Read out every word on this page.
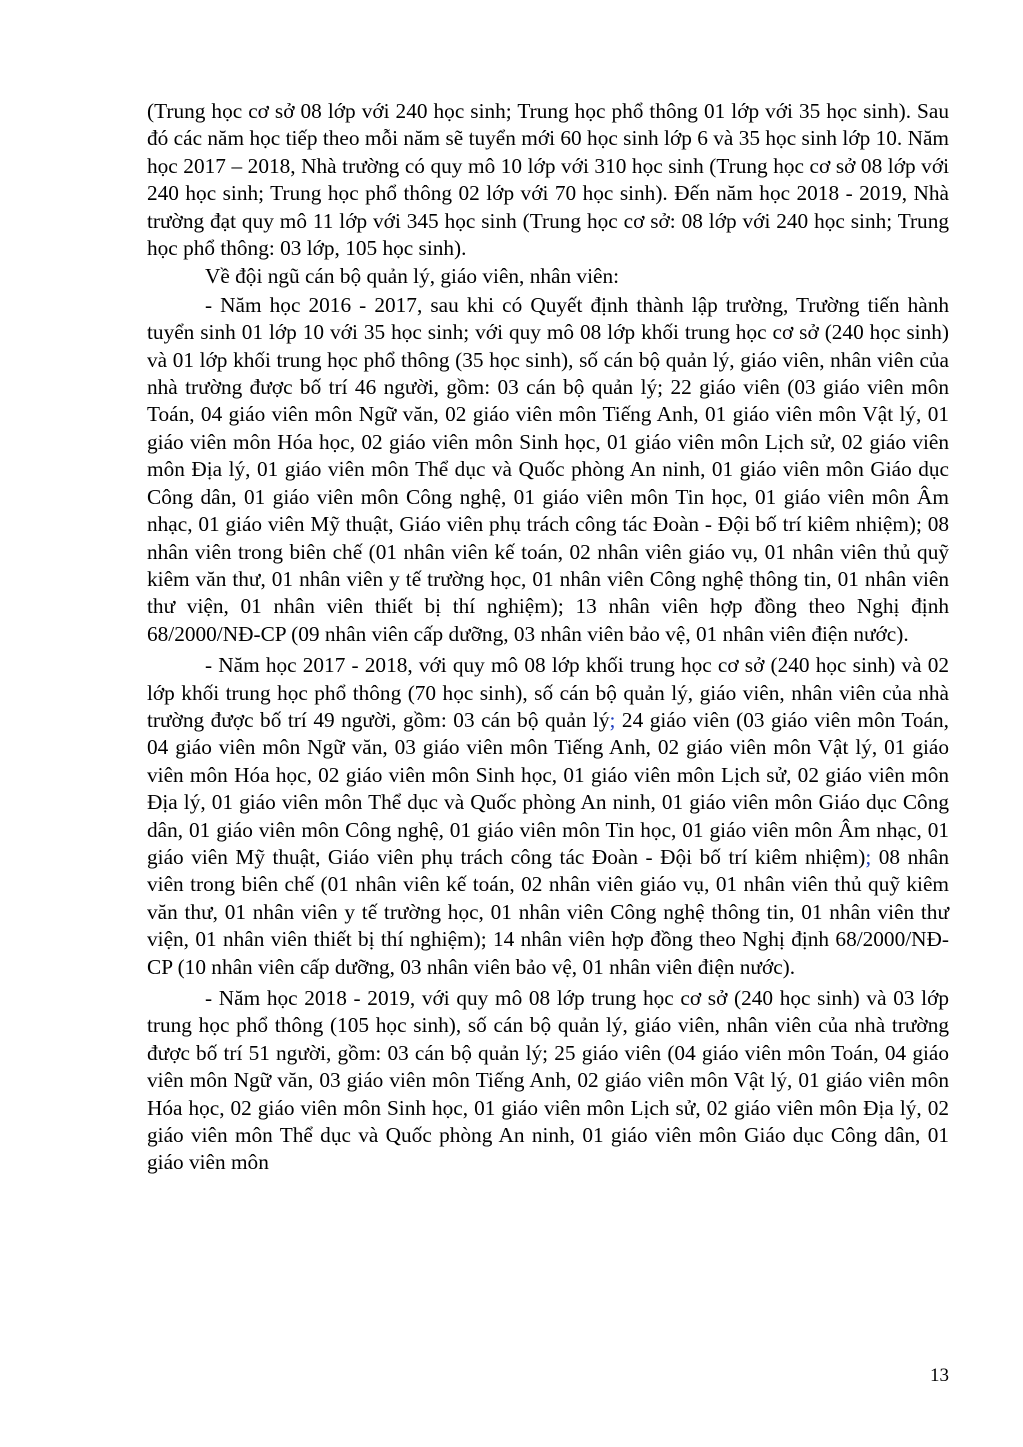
(Trung học cơ sở 08 lớp với 240 học sinh; Trung học phổ thông 01 lớp với 35 học sinh). Sau đó các năm học tiếp theo mỗi năm sẽ tuyển mới 60 học sinh lớp 6 và 35 học sinh lớp 10. Năm học 2017 – 2018, Nhà trường có quy mô 10 lớp với 310 học sinh (Trung học cơ sở 08 lớp với 240 học sinh; Trung học phổ thông 02 lớp với 70 học sinh). Đến năm học 2018 - 2019, Nhà trường đạt quy mô 11 lớp với 345 học sinh (Trung học cơ sở: 08 lớp với 240 học sinh; Trung học phổ thông: 03 lớp, 105 học sinh).

Về đội ngũ cán bộ quản lý, giáo viên, nhân viên:

- Năm học 2016 - 2017, sau khi có Quyết định thành lập trường, Trường tiến hành tuyển sinh 01 lớp 10 với 35 học sinh; với quy mô 08 lớp khối trung học cơ sở (240 học sinh) và 01 lớp khối trung học phổ thông (35 học sinh), số cán bộ quản lý, giáo viên, nhân viên của nhà trường được bố trí 46 người, gồm: 03 cán bộ quản lý; 22 giáo viên (03 giáo viên môn Toán, 04 giáo viên môn Ngữ văn, 02 giáo viên môn Tiếng Anh, 01 giáo viên môn Vật lý, 01 giáo viên môn Hóa học, 02 giáo viên môn Sinh học, 01 giáo viên môn Lịch sử, 02 giáo viên môn Địa lý, 01 giáo viên môn Thể dục và Quốc phòng An ninh, 01 giáo viên môn Giáo dục Công dân, 01 giáo viên môn Công nghệ, 01 giáo viên môn Tin học, 01 giáo viên môn Âm nhạc, 01 giáo viên Mỹ thuật, Giáo viên phụ trách công tác Đoàn - Đội bố trí kiêm nhiệm); 08 nhân viên trong biên chế (01 nhân viên kế toán, 02 nhân viên giáo vụ, 01 nhân viên thủ quỹ kiêm văn thư, 01 nhân viên y tế trường học, 01 nhân viên Công nghệ thông tin, 01 nhân viên thư viện, 01 nhân viên thiết bị thí nghiệm); 13 nhân viên hợp đồng theo Nghị định 68/2000/NĐ-CP (09 nhân viên cấp dưỡng, 03 nhân viên bảo vệ, 01 nhân viên điện nước).

- Năm học 2017 - 2018, với quy mô 08 lớp khối trung học cơ sở (240 học sinh) và 02 lớp khối trung học phổ thông (70 học sinh), số cán bộ quản lý, giáo viên, nhân viên của nhà trường được bố trí 49 người, gồm: 03 cán bộ quản lý; 24 giáo viên (03 giáo viên môn Toán, 04 giáo viên môn Ngữ văn, 03 giáo viên môn Tiếng Anh, 02 giáo viên môn Vật lý, 01 giáo viên môn Hóa học, 02 giáo viên môn Sinh học, 01 giáo viên môn Lịch sử, 02 giáo viên môn Địa lý, 01 giáo viên môn Thể dục và Quốc phòng An ninh, 01 giáo viên môn Giáo dục Công dân, 01 giáo viên môn Công nghệ, 01 giáo viên môn Tin học, 01 giáo viên môn Âm nhạc, 01 giáo viên Mỹ thuật, Giáo viên phụ trách công tác Đoàn - Đội bố trí kiêm nhiệm); 08 nhân viên trong biên chế (01 nhân viên kế toán, 02 nhân viên giáo vụ, 01 nhân viên thủ quỹ kiêm văn thư, 01 nhân viên y tế trường học, 01 nhân viên Công nghệ thông tin, 01 nhân viên thư viện, 01 nhân viên thiết bị thí nghiệm); 14 nhân viên hợp đồng theo Nghị định 68/2000/NĐ-CP (10 nhân viên cấp dưỡng, 03 nhân viên bảo vệ, 01 nhân viên điện nước).

- Năm học 2018 - 2019, với quy mô 08 lớp trung học cơ sở (240 học sinh) và 03 lớp trung học phổ thông (105 học sinh), số cán bộ quản lý, giáo viên, nhân viên của nhà trường được bố trí 51 người, gồm: 03 cán bộ quản lý; 25 giáo viên (04 giáo viên môn Toán, 04 giáo viên môn Ngữ văn, 03 giáo viên môn Tiếng Anh, 02 giáo viên môn Vật lý, 01 giáo viên môn Hóa học, 02 giáo viên môn Sinh học, 01 giáo viên môn Lịch sử, 02 giáo viên môn Địa lý, 02 giáo viên môn Thể dục và Quốc phòng An ninh, 01 giáo viên môn Giáo dục Công dân, 01 giáo viên môn

13
